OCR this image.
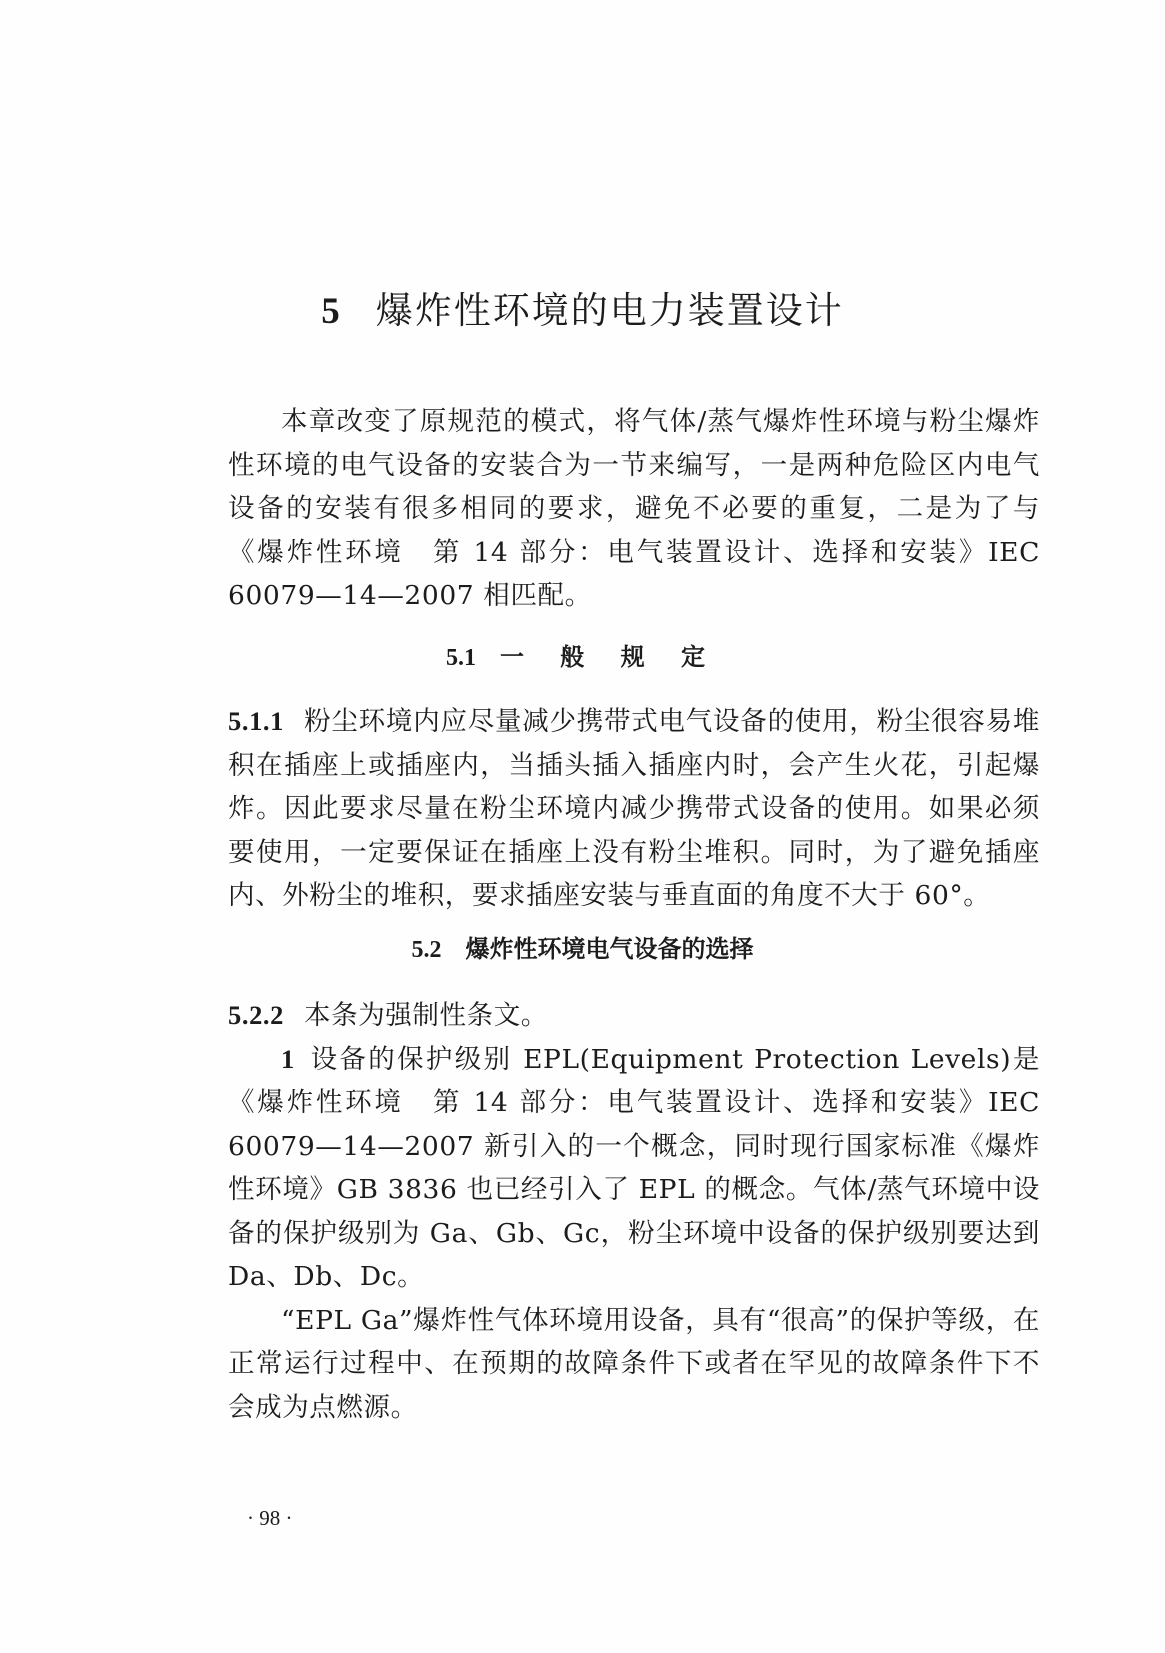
5 爆炸性环境的电力装置设计

本章改变了原规范的模式，将气体/蒸气爆炸性环境与粉尘爆炸性环境的电气设备的安装合为一节来编写，一是两种危险区内电气设备的安装有很多相同的要求，避免不必要的重复，二是为了与《爆炸性环境　第 14 部分：电气装置设计、选择和安装》IEC 60079—14—2007 相匹配。

5.1 一 般 规 定

5.1.1 粉尘环境内应尽量减少携带式电气设备的使用，粉尘很容易堆积在插座上或插座内，当插头插入插座内时，会产生火花，引起爆炸。因此要求尽量在粉尘环境内减少携带式设备的使用。如果必须要使用，一定要保证在插座上没有粉尘堆积。同时，为了避免插座内、外粉尘的堆积，要求插座安装与垂直面的角度不大于 60°。

5.2 爆炸性环境电气设备的选择

5.2.2 本条为强制性条文。

1 设备的保护级别 EPL(Equipment Protection Levels)是《爆炸性环境　第 14 部分：电气装置设计、选择和安装》IEC 60079—14—2007 新引入的一个概念，同时现行国家标准《爆炸性环境》GB 3836 也已经引入了 EPL 的概念。气体/蒸气环境中设备的保护级别为 Ga、Gb、Gc，粉尘环境中设备的保护级别要达到 Da、Db、Dc。

“EPL Ga”爆炸性气体环境用设备，具有“很高”的保护等级，在正常运行过程中、在预期的故障条件下或者在罕见的故障条件下不会成为点燃源。

· 98 ·
